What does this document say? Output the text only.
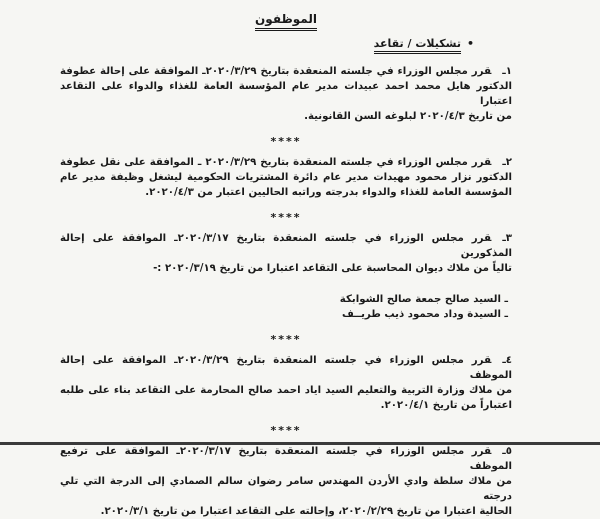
الموظفون
•تشكيلات / تقاعد
١ـقرر مجلس الوزراء في جلسته المنعقدة بتاريخ ٢٠٢٠/٣/٢٩ـ الموافقة على إحالة عطوفة
الدكتور هايل محمد احمد عبيدات مدير عام المؤسسة العامة للغذاء والدواء على التقاعد اعتبارا
من تاريخ ٢٠٢٠/٤/٣ لبلوغه السن القانونية.
****
٢ـقرر مجلس الوزراء في جلسته المنعقدة بتاريخ ٢٠٢٠/٣/٢٩ ـ الموافقة على نقل عطوفة
الدكتور نزار محمود مهيدات مدير عام دائرة المشتريات الحكومية ليشغل وظيفة مدير عام
المؤسسة العامة للغذاء والدواء بدرجته وراتبه الحاليين اعتبار من ٢٠٢٠/٤/٣.
****
٣ـقرر مجلس الوزراء في جلسته المنعقدة بتاريخ ٢٠٢٠/٣/١٧ـ الموافقة على إحالة المذكورين
تالياً من ملاك ديوان المحاسبة على التقاعد اعتبارا من تاريخ ٢٠٢٠/٣/١٩ :-
ـ السيد صالح جمعة صالح الشوابكة
ـ السيدة وداد محمود ذيب طريــف
****
٤ـقرر مجلس الوزراء في جلسته المنعقدة بتاريخ ٢٠٢٠/٣/٢٩ـ الموافقة على إحالة الموظف
من ملاك وزارة التربية والتعليم السيد اياد احمد صالح المحارمة على التقاعد بناء على طلبه
اعتباراً من تاريخ ٢٠٢٠/٤/١.
****
٥ـقرر مجلس الوزراء في جلسته المنعقدة بتاريخ ٢٠٢٠/٣/١٧ـ الموافقة على ترفيع الموظف
من ملاك سلطة وادي الأردن المهندس سامر رضوان سالم الصمادي إلى الدرجة التي تلي درجته
الحالية اعتبارا من تاريخ ٢٠٢٠/٢/٢٩، وإحالته على التقاعد اعتبارا من تاريخ ٢٠٢٠/٣/١.
